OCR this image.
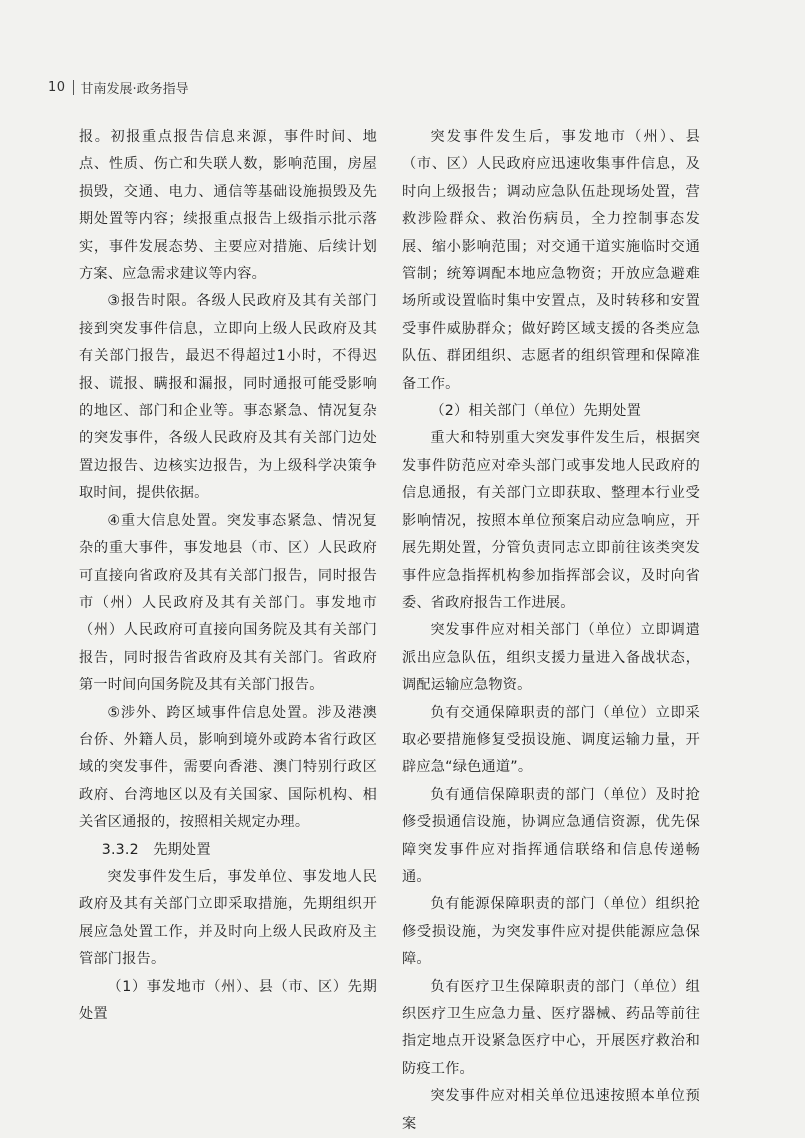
10 甘南发展·政务指导

报。初报重点报告信息来源，事件时间、地点、性质、伤亡和失联人数，影响范围，房屋损毁，交通、电力、通信等基础设施损毁及先期处置等内容；续报重点报告上级指示批示落实，事件发展态势、主要应对措施、后续计划方案、应急需求建议等内容。

③报告时限。各级人民政府及其有关部门接到突发事件信息，立即向上级人民政府及其有关部门报告，最迟不得超过1小时，不得迟报、谎报、瞒报和漏报，同时通报可能受影响的地区、部门和企业等。事态紧急、情况复杂的突发事件，各级人民政府及其有关部门边处置边报告、边核实边报告，为上级科学决策争取时间，提供依据。

④重大信息处置。突发事态紧急、情况复杂的重大事件，事发地县（市、区）人民政府可直接向省政府及其有关部门报告，同时报告市（州）人民政府及其有关部门。事发地市（州）人民政府可直接向国务院及其有关部门报告，同时报告省政府及其有关部门。省政府第一时间向国务院及其有关部门报告。

⑤涉外、跨区域事件信息处置。涉及港澳台侨、外籍人员，影响到境外或跨本省行政区域的突发事件，需要向香港、澳门特别行政区政府、台湾地区以及有关国家、国际机构、相关省区通报的，按照相关规定办理。

3.3.2　先期处置

突发事件发生后，事发单位、事发地人民政府及其有关部门立即采取措施，先期组织开展应急处置工作，并及时向上级人民政府及主管部门报告。

（1）事发地市（州）、县（市、区）先期处置

突发事件发生后，事发地市（州）、县（市、区）人民政府应迅速收集事件信息，及时向上级报告；调动应急队伍赴现场处置，营救涉险群众、救治伤病员，全力控制事态发展、缩小影响范围；对交通干道实施临时交通管制；统筹调配本地应急物资；开放应急避难场所或设置临时集中安置点，及时转移和安置受事件威胁群众；做好跨区域支援的各类应急队伍、群团组织、志愿者的组织管理和保障准备工作。

（2）相关部门（单位）先期处置

重大和特别重大突发事件发生后，根据突发事件防范应对牵头部门或事发地人民政府的信息通报，有关部门立即获取、整理本行业受影响情况，按照本单位预案启动应急响应，开展先期处置，分管负责同志立即前往该类突发事件应急指挥机构参加指挥部会议，及时向省委、省政府报告工作进展。

突发事件应对相关部门（单位）立即调遣派出应急队伍，组织支援力量进入备战状态，调配运输应急物资。

负有交通保障职责的部门（单位）立即采取必要措施修复受损设施、调度运输力量，开辟应急“绿色通道”。

负有通信保障职责的部门（单位）及时抢修受损通信设施，协调应急通信资源，优先保障突发事件应对指挥通信联络和信息传递畅通。

负有能源保障职责的部门（单位）组织抢修受损设施，为突发事件应对提供能源应急保障。

负有医疗卫生保障职责的部门（单位）组织医疗卫生应急力量、医疗器械、药品等前往指定地点开设紧急医疗中心，开展医疗救治和防疫工作。

突发事件应对相关单位迅速按照本单位预案
